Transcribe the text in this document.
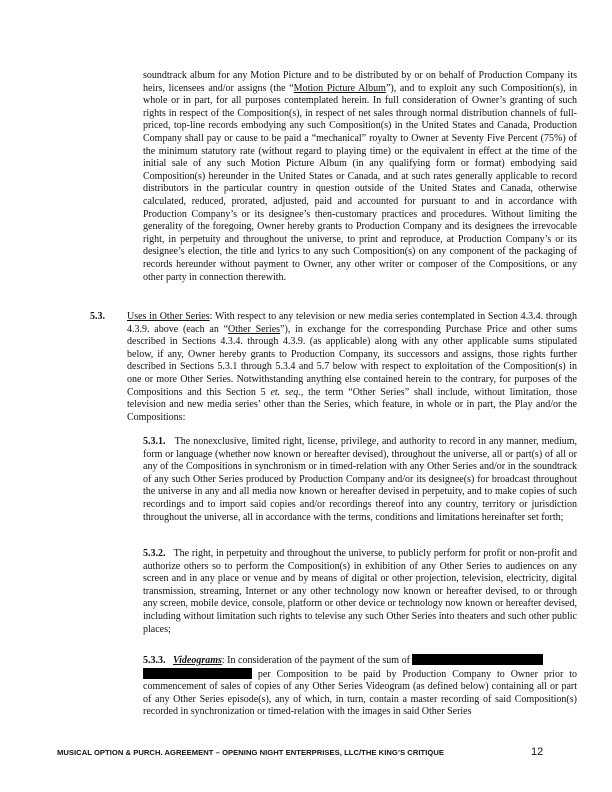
soundtrack album for any Motion Picture and to be distributed by or on behalf of Production Company its heirs, licensees and/or assigns (the “Motion Picture Album”), and to exploit any such Composition(s), in whole or in part, for all purposes contemplated herein. In full consideration of Owner’s granting of such rights in respect of the Composition(s), in respect of net sales through normal distribution channels of full-priced, top-line records embodying any such Composition(s) in the United States and Canada, Production Company shall pay or cause to be paid a “mechanical” royalty to Owner at Seventy Five Percent (75%) of the minimum statutory rate (without regard to playing time) or the equivalent in effect at the time of the initial sale of any such Motion Picture Album (in any qualifying form or format) embodying said Composition(s) hereunder in the United States or Canada, and at such rates generally applicable to record distributors in the particular country in question outside of the United States and Canada, otherwise calculated, reduced, prorated, adjusted, paid and accounted for pursuant to and in accordance with Production Company’s or its designee’s then-customary practices and procedures. Without limiting the generality of the foregoing, Owner hereby grants to Production Company and its designees the irrevocable right, in perpetuity and throughout the universe, to print and reproduce, at Production Company’s or its designee’s election, the title and lyrics to any such Composition(s) on any component of the packaging of records hereunder without payment to Owner, any other writer or composer of the Compositions, or any other party in connection therewith.

5.3. Uses in Other Series: With respect to any television or new media series contemplated in Section 4.3.4. through 4.3.9. above (each an “Other Series”), in exchange for the corresponding Purchase Price and other sums described in Sections 4.3.4. through 4.3.9. (as applicable) along with any other applicable sums stipulated below, if any, Owner hereby grants to Production Company, its successors and assigns, those rights further described in Sections 5.3.1 through 5.3.4 and 5.7 below with respect to exploitation of the Composition(s) in one or more Other Series. Notwithstanding anything else contained herein to the contrary, for purposes of the Compositions and this Section 5 et. seq., the term “Other Series” shall include, without limitation, those television and new media series’ other than the Series, which feature, in whole or in part, the Play and/or the Compositions:

5.3.1. The nonexclusive, limited right, license, privilege, and authority to record in any manner, medium, form or language (whether now known or hereafter devised), throughout the universe, all or part(s) of all or any of the Compositions in synchronism or in timed-relation with any Other Series and/or in the soundtrack of any such Other Series produced by Production Company and/or its designee(s) for broadcast throughout the universe in any and all media now known or hereafter devised in perpetuity, and to make copies of such recordings and to import said copies and/or recordings thereof into any country, territory or jurisdiction throughout the universe, all in accordance with the terms, conditions and limitations hereinafter set forth;

5.3.2. The right, in perpetuity and throughout the universe, to publicly perform for profit or non-profit and authorize others so to perform the Composition(s) in exhibition of any Other Series to audiences on any screen and in any place or venue and by means of digital or other projection, television, electricity, digital transmission, streaming, Internet or any other technology now known or hereafter devised, to or through any screen, mobile device, console, platform or other device or technology now known or hereafter devised, including without limitation such rights to televise any such Other Series into theaters and such other public places;

5.3.3. Videograms: In consideration of the payment of the sum of
per Composition to be paid by Production Company to Owner prior to commencement of sales of copies of any Other Series Videogram (as defined below) containing all or part of any Other Series episode(s), any of which, in turn, contain a master recording of said Composition(s) recorded in synchronization or timed-relation with the images in said Other Series

MUSICAL OPTION & PURCH. AGREEMENT – OPENING NIGHT ENTERPRISES, LLC/THE KING’S CRITIQUE	12
